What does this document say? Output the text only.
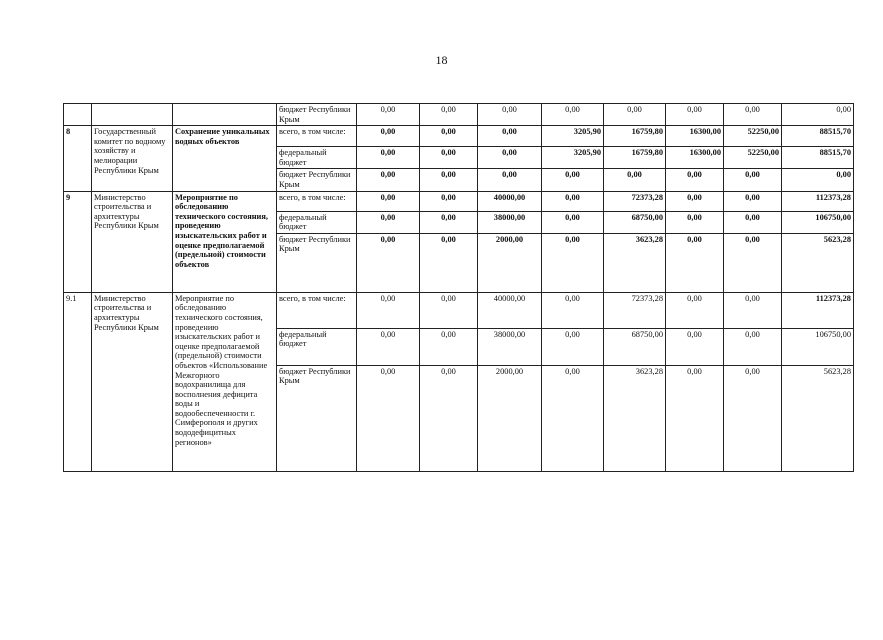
18
			бюджет Республики Крым	0,00	0,00	0,00	0,00	0,00	0,00	0,00	0,00
8	Государственный комитет по водному хозяйству и мелиорации Республики Крым	Сохранение уникальных водных объектов	всего, в том числе:	0,00	0,00	0,00	3205,90	16759,80	16300,00	52250,00	88515,70
			федеральный бюджет	0,00	0,00	0,00	3205,90	16759,80	16300,00	52250,00	88515,70
			бюджет Республики Крым	0,00	0,00	0,00	0,00	0,00	0,00	0,00	0,00
9	Министерство строительства и архитектуры Республики Крым	Мероприятие по обследованию технического состояния, проведению изыскательских работ и оценке предполагаемой (предельной) стоимости объектов	всего, в том числе:	0,00	0,00	40000,00	0,00	72373,28	0,00	0,00	112373,28
			федеральный бюджет	0,00	0,00	38000,00	0,00	68750,00	0,00	0,00	106750,00
			бюджет Республики Крым	0,00	0,00	2000,00	0,00	3623,28	0,00	0,00	5623,28
9.1	Министерство строительства и архитектуры Республики Крым	Мероприятие по обследованию технического состояния, проведению изыскательских работ и оценке предполагаемой (предельной) стоимости объектов «Использование Межгорного водохранилища для восполнения дефицита воды и водообеспеченности г. Симферополя и других вододефицитных регионов»	всего, в том числе:	0,00	0,00	40000,00	0,00	72373,28	0,00	0,00	112373,28
			федеральный бюджет	0,00	0,00	38000,00	0,00	68750,00	0,00	0,00	106750,00
			бюджет Республики Крым	0,00	0,00	2000,00	0,00	3623,28	0,00	0,00	5623,28
